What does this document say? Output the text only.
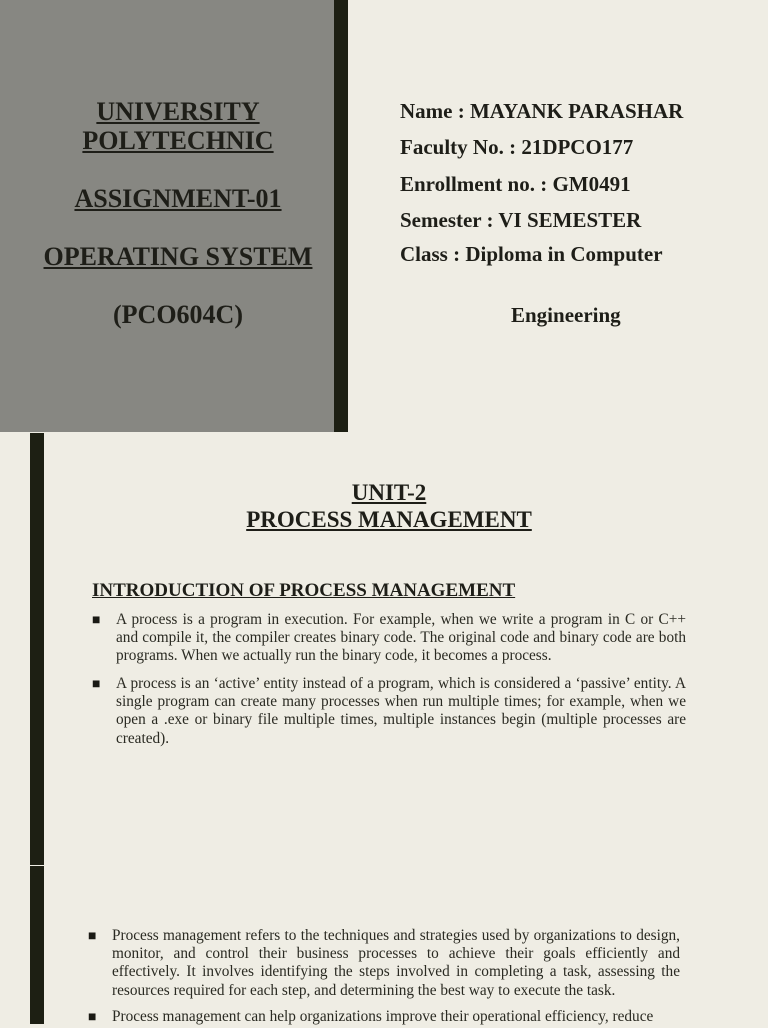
UNIVERSITY
POLYTECHNIC
ASSIGNMENT-01
OPERATING SYSTEM
(PCO604C)
Name : MAYANK PARASHAR
Faculty No. : 21DPCO177
Enrollment no. : GM0491
Semester : VI SEMESTER
Class : Diploma in Computer
Engineering
UNIT-2
PROCESS MANAGEMENT
INTRODUCTION OF PROCESS MANAGEMENT
■	A process is a program in execution. For example, when we write a program in C or C++ and compile it, the compiler creates binary code. The original code and binary code are both programs. When we actually run the binary code, it becomes a process.
■	A process is an ‘active’ entity instead of a program, which is considered a ‘passive’ entity. A single program can create many processes when run multiple times; for example, when we open a .exe or binary file multiple times, multiple instances begin (multiple processes are created).
■	Process management refers to the techniques and strategies used by organizations to design, monitor, and control their business processes to achieve their goals efficiently and effectively. It involves identifying the steps involved in completing a task, assessing the resources required for each step, and determining the best way to execute the task.
■	Process management can help organizations improve their operational efficiency, reduce
